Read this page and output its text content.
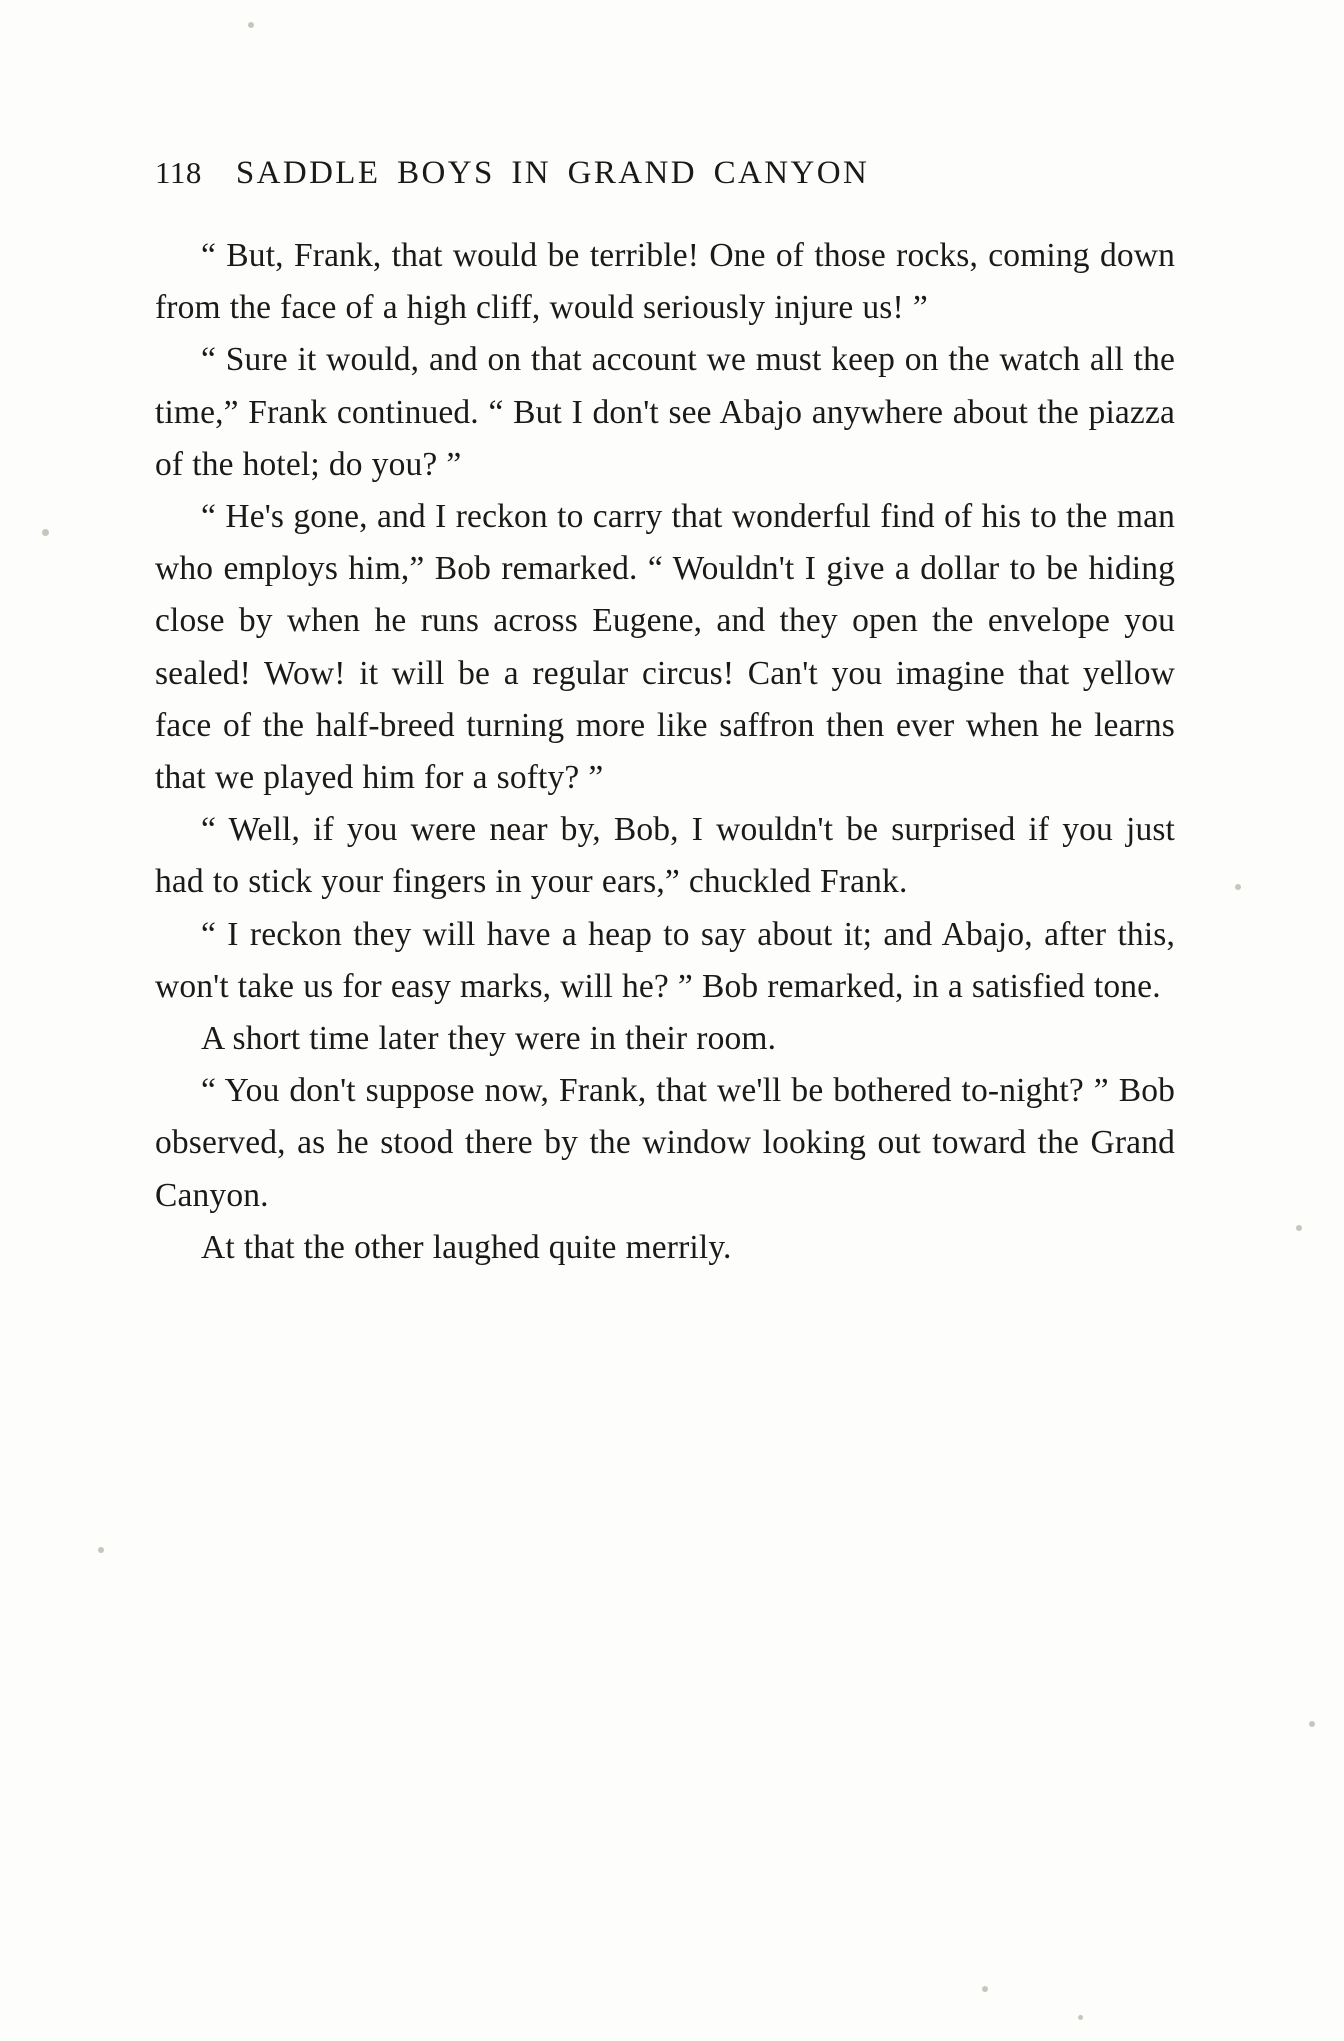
118 SADDLE BOYS IN GRAND CANYON

“ But, Frank, that would be terrible! One of those rocks, coming down from the face of a high cliff, would seriously injure us! ”

“ Sure it would, and on that account we must keep on the watch all the time,” Frank continued. “ But I don't see Abajo anywhere about the piazza of the hotel; do you? ”

“ He's gone, and I reckon to carry that wonderful find of his to the man who employs him,” Bob remarked. “ Wouldn't I give a dollar to be hiding close by when he runs across Eugene, and they open the envelope you sealed! Wow! it will be a regular circus! Can't you imagine that yellow face of the half-breed turning more like saffron then ever when he learns that we played him for a softy? ”

“ Well, if you were near by, Bob, I wouldn't be surprised if you just had to stick your fingers in your ears,” chuckled Frank.

“ I reckon they will have a heap to say about it; and Abajo, after this, won't take us for easy marks, will he? ” Bob remarked, in a satisfied tone.

A short time later they were in their room.

“ You don't suppose now, Frank, that we'll be bothered to-night? ” Bob observed, as he stood there by the window looking out toward the Grand Canyon.

At that the other laughed quite merrily.
